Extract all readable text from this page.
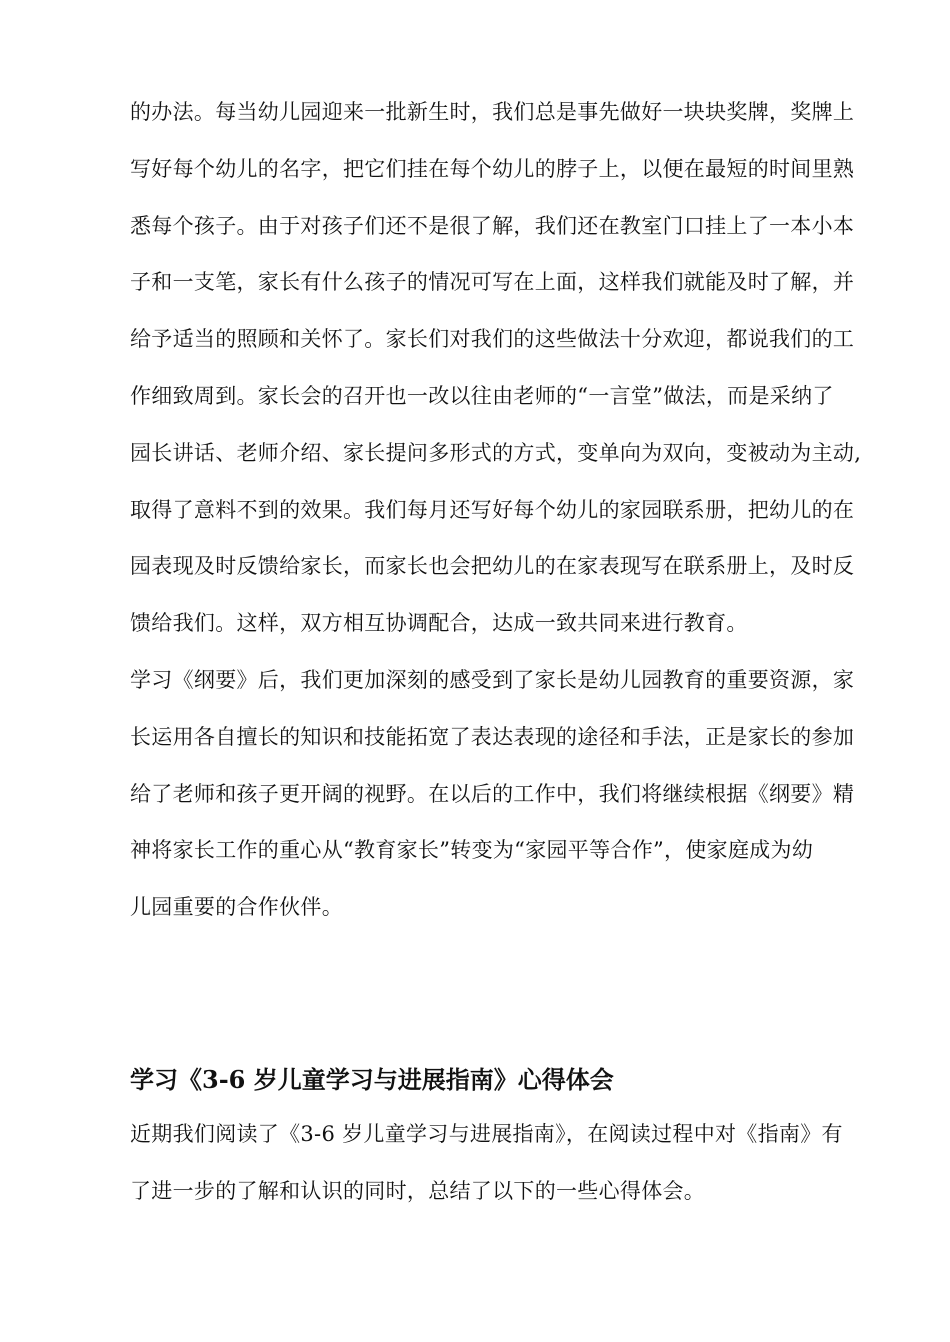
的办法。每当幼儿园迎来一批新生时，我们总是事先做好一块块奖牌，奖牌上
写好每个幼儿的名字，把它们挂在每个幼儿的脖子上，以便在最短的时间里熟
悉每个孩子。由于对孩子们还不是很了解，我们还在教室门口挂上了一本小本
子和一支笔，家长有什么孩子的情况可写在上面，这样我们就能及时了解，并
给予适当的照顾和关怀了。家长们对我们的这些做法十分欢迎，都说我们的工
作细致周到。家长会的召开也一改以往由老师的“一言堂”做法，而是采纳了
园长讲话、老师介绍、家长提问多形式的方式，变单向为双向，变被动为主动,
取得了意料不到的效果。我们每月还写好每个幼儿的家园联系册，把幼儿的在
园表现及时反馈给家长，而家长也会把幼儿的在家表现写在联系册上，及时反
馈给我们。这样，双方相互协调配合，达成一致共同来进行教育。
学习《纲要》后，我们更加深刻的感受到了家长是幼儿园教育的重要资源，家
长运用各自擅长的知识和技能拓宽了表达表现的途径和手法，正是家长的参加
给了老师和孩子更开阔的视野。在以后的工作中，我们将继续根据《纲要》精
神将家长工作的重心从“教育家长”转变为“家园平等合作”，使家庭成为幼
儿园重要的合作伙伴。
学习《3-6 岁儿童学习与进展指南》心得体会
近期我们阅读了《3-6 岁儿童学习与进展指南》，在阅读过程中对《指南》有
了进一步的了解和认识的同时，总结了以下的一些心得体会。
